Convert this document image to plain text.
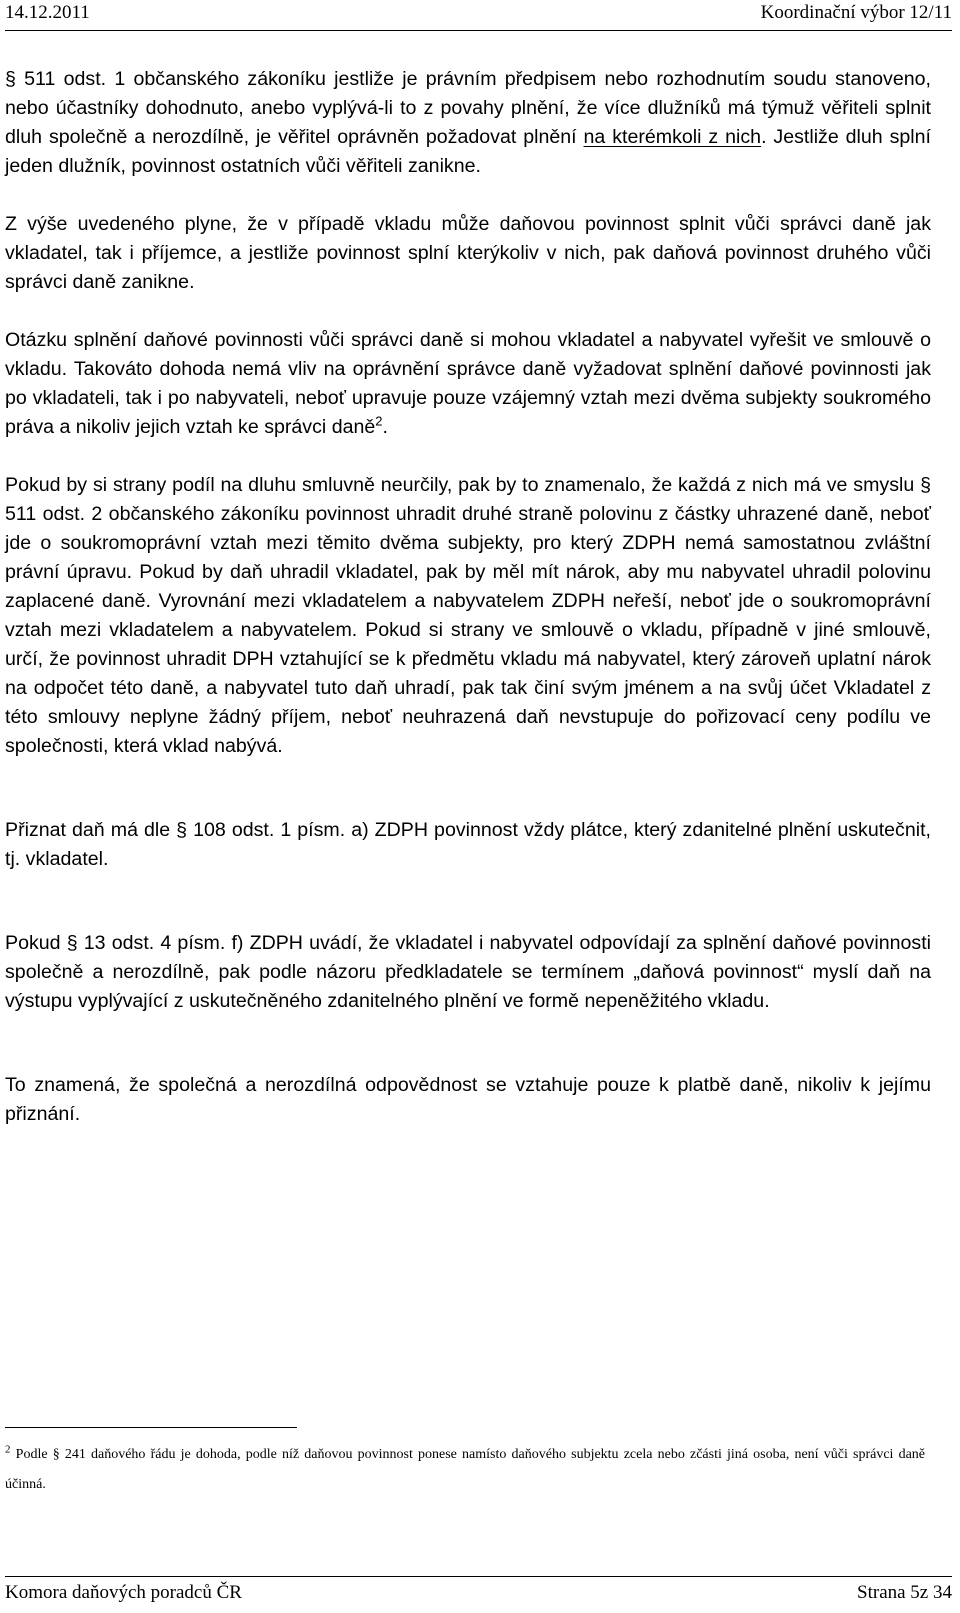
14.12.2011	Koordinační výbor 12/11

§ 511 odst. 1 občanského zákoníku jestliže je právním předpisem nebo rozhodnutím soudu stanoveno, nebo účastníky dohodnuto, anebo vyplývá-li to z povahy plnění, že více dlužníků má týmuž věřiteli splnit dluh společně a nerozdílně, je věřitel oprávněn požadovat plnění na kterémkoli z nich. Jestliže dluh splní jeden dlužník, povinnost ostatních vůči věřiteli zanikne.

Z výše uvedeného plyne, že v případě vkladu může daňovou povinnost splnit vůči správci daně jak vkladatel, tak i příjemce, a jestliže povinnost splní kterýkoliv v nich, pak daňová povinnost druhého vůči správci daně zanikne.

Otázku splnění daňové povinnosti vůči správci daně si mohou vkladatel a nabyvatel vyřešit ve smlouvě o vkladu. Takováto dohoda nemá vliv na oprávnění správce daně vyžadovat splnění daňové povinnosti jak po vkladateli, tak i po nabyvateli, neboť upravuje pouze vzájemný vztah mezi dvěma subjekty soukromého práva a nikoliv jejich vztah ke správci daně$^2$.

Pokud by si strany podíl na dluhu smluvně neurčily, pak by to znamenalo, že každá z nich má ve smyslu § 511 odst. 2 občanského zákoníku povinnost uhradit druhé straně polovinu z částky uhrazené daně, neboť jde o soukromoprávní vztah mezi těmito dvěma subjekty, pro který ZDPH nemá samostatnou zvláštní právní úpravu. Pokud by daň uhradil vkladatel, pak by měl mít nárok, aby mu nabyvatel uhradil polovinu zaplacené daně. Vyrovnání mezi vkladatelem a nabyvatelem ZDPH neřeší, neboť jde o soukromoprávní vztah mezi vkladatelem a nabyvatelem. Pokud si strany ve smlouvě o vkladu, případně v jiné smlouvě, určí, že povinnost uhradit DPH vztahující se k předmětu vkladu má nabyvatel, který zároveň uplatní nárok na odpočet této daně, a nabyvatel tuto daň uhradí, pak tak činí svým jménem a na svůj účet Vkladatel z této smlouvy neplyne žádný příjem, neboť neuhrazená daň nevstupuje do pořizovací ceny podílu ve společnosti, která vklad nabývá.

Přiznat daň má dle § 108 odst. 1 písm. a) ZDPH povinnost vždy plátce, který zdanitelné plnění uskutečnit, tj. vkladatel.

Pokud § 13 odst. 4 písm. f) ZDPH uvádí, že vkladatel i nabyvatel odpovídají za splnění daňové povinnosti společně a nerozdílně, pak podle názoru předkladatele se termínem „daňová povinnost“ myslí daň na výstupu vyplývající z uskutečněného zdanitelného plnění ve formě nepeněžitého vkladu.

To znamená, že společná a nerozdílná odpovědnost se vztahuje pouze k platbě daně, nikoliv k jejímu přiznání.

$^2$ Podle § 241 daňového řádu je dohoda, podle níž daňovou povinnost ponese namísto daňového subjektu zcela nebo zčásti jiná osoba, není vůči správci daně účinná.
Komora daňových poradců ČR	Strana 5z 34
